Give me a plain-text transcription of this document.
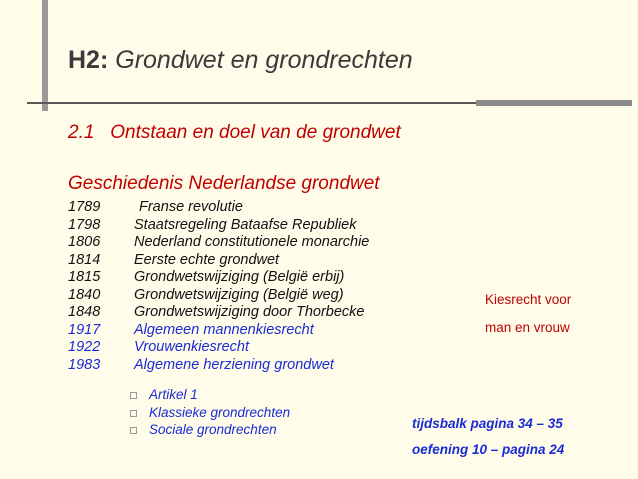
H2: Grondwet en grondrechten
2.1   Ontstaan en doel van de grondwet
Geschiedenis Nederlandse grondwet
1789	Franse revolutie
1798 Staatsregeling Bataafse Republiek
1806 Nederland constitutionele monarchie
1814 Eerste echte grondwet
1815 Grondwetswijziging (België erbij)
1840 Grondwetswijziging (België weg)
1848 Grondwetswijziging door Thorbecke
1917 Algemeen mannenkiesrecht
1922 Vrouwenkiesrecht
1983 Algemene herziening grondwet
Artikel 1
Klassieke grondrechten
Sociale grondrechten
Kiesrecht voor
man en vrouw
tijdsbalk pagina 34 – 35
oefening 10 – pagina 24
